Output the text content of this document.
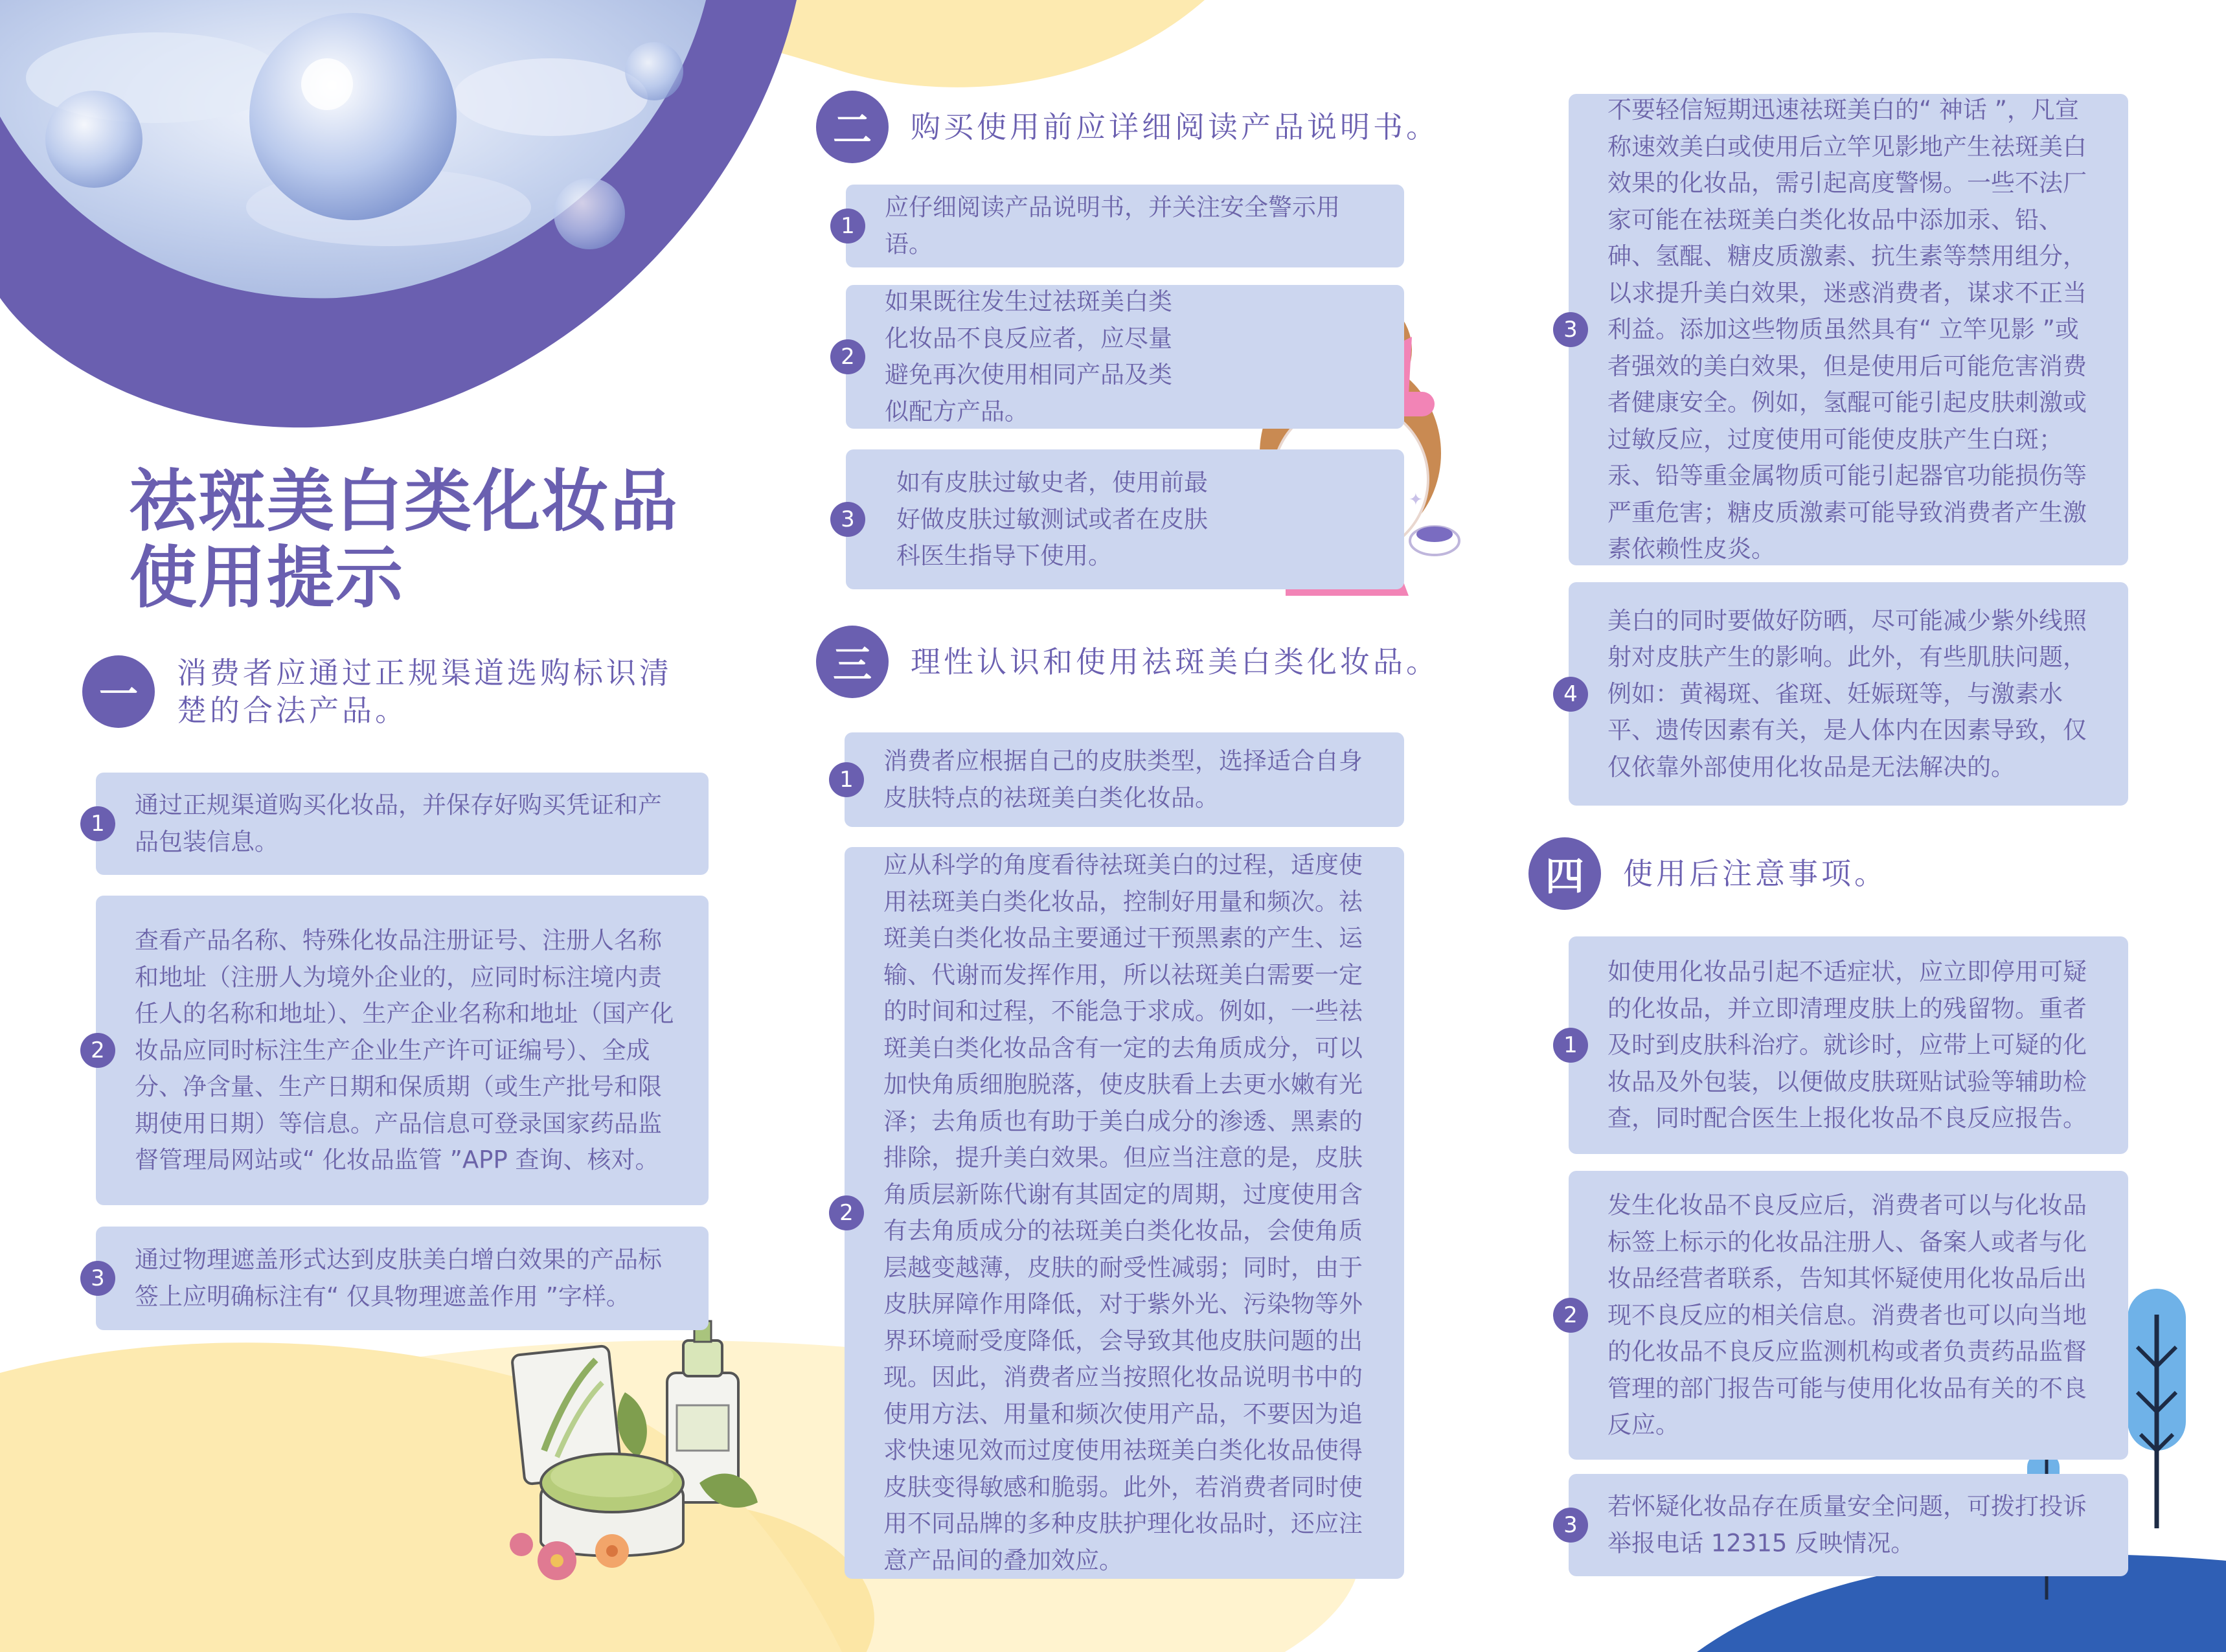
✦
祛斑美白类化妆品
使用提示
一	消费者应通过正规渠道选购标识清
楚的合法产品。
1
通过正规渠道购买化妆品，并保存好购买凭证和产品包装信息。
2
查看产品名称、特殊化妆品注册证号、注册人名称和地址（注册人为境外企业的，应同时标注境内责任人的名称和地址）、生产企业名称和地址（国产化妆品应同时标注生产企业生产许可证编号）、全成分、净含量、生产日期和保质期（或生产批号和限期使用日期）等信息。产品信息可登录国家药品监督管理局网站或“ 化妆品监管 ”APP 查询、核对。
3
通过物理遮盖形式达到皮肤美白增白效果的产品标签上应明确标注有“ 仅具物理遮盖作用 ”字样。
二	购买使用前应详细阅读产品说明书。
1
应仔细阅读产品说明书，并关注安全警示用语。
2
如果既往发生过祛斑美白类化妆品不良反应者，应尽量避免再次使用相同产品及类似配方产品。
3
如有皮肤过敏史者，使用前最好做皮肤过敏测试或者在皮肤科医生指导下使用。
三	理性认识和使用祛斑美白类化妆品。
1
消费者应根据自己的皮肤类型，选择适合自身皮肤特点的祛斑美白类化妆品。
2
应从科学的角度看待祛斑美白的过程，适度使用祛斑美白类化妆品，控制好用量和频次。祛斑美白类化妆品主要通过干预黑素的产生、运输、代谢而发挥作用，所以祛斑美白需要一定的时间和过程，不能急于求成。例如，一些祛斑美白类化妆品含有一定的去角质成分，可以加快角质细胞脱落，使皮肤看上去更水嫩有光泽；去角质也有助于美白成分的渗透、黑素的排除，提升美白效果。但应当注意的是，皮肤角质层新陈代谢有其固定的周期，过度使用含有去角质成分的祛斑美白类化妆品，会使角质层越变越薄，皮肤的耐受性减弱；同时，由于皮肤屏障作用降低，对于紫外光、污染物等外界环境耐受度降低，会导致其他皮肤问题的出现。因此，消费者应当按照化妆品说明书中的使用方法、用量和频次使用产品，不要因为追求快速见效而过度使用祛斑美白类化妆品使得皮肤变得敏感和脆弱。此外，若消费者同时使用不同品牌的多种皮肤护理化妆品时，还应注意产品间的叠加效应。
3
不要轻信短期迅速祛斑美白的“ 神话 ”，凡宣称速效美白或使用后立竿见影地产生祛斑美白效果的化妆品，需引起高度警惕。一些不法厂家可能在祛斑美白类化妆品中添加汞、铅、砷、氢醌、糖皮质激素、抗生素等禁用组分，以求提升美白效果，迷惑消费者，谋求不正当利益。添加这些物质虽然具有“ 立竿见影 ”或者强效的美白效果，但是使用后可能危害消费者健康安全。例如，氢醌可能引起皮肤刺激或过敏反应，过度使用可能使皮肤产生白斑；汞、铅等重金属物质可能引起器官功能损伤等严重危害；糖皮质激素可能导致消费者产生激素依赖性皮炎。
4
美白的同时要做好防晒，尽可能减少紫外线照射对皮肤产生的影响。此外，有些肌肤问题，例如：黄褐斑、雀斑、妊娠斑等，与激素水平、遗传因素有关，是人体内在因素导致，仅仅依靠外部使用化妆品是无法解决的。
四	使用后注意事项。
1
如使用化妆品引起不适症状，应立即停用可疑的化妆品，并立即清理皮肤上的残留物。重者及时到皮肤科治疗。就诊时，应带上可疑的化妆品及外包装，以便做皮肤斑贴试验等辅助检查，同时配合医生上报化妆品不良反应报告。
2
发生化妆品不良反应后，消费者可以与化妆品标签上标示的化妆品注册人、备案人或者与化妆品经营者联系，告知其怀疑使用化妆品后出现不良反应的相关信息。消费者也可以向当地的化妆品不良反应监测机构或者负责药品监督管理的部门报告可能与使用化妆品有关的不良反应。
3
若怀疑化妆品存在质量安全问题，可拨打投诉举报电话 12315 反映情况。
